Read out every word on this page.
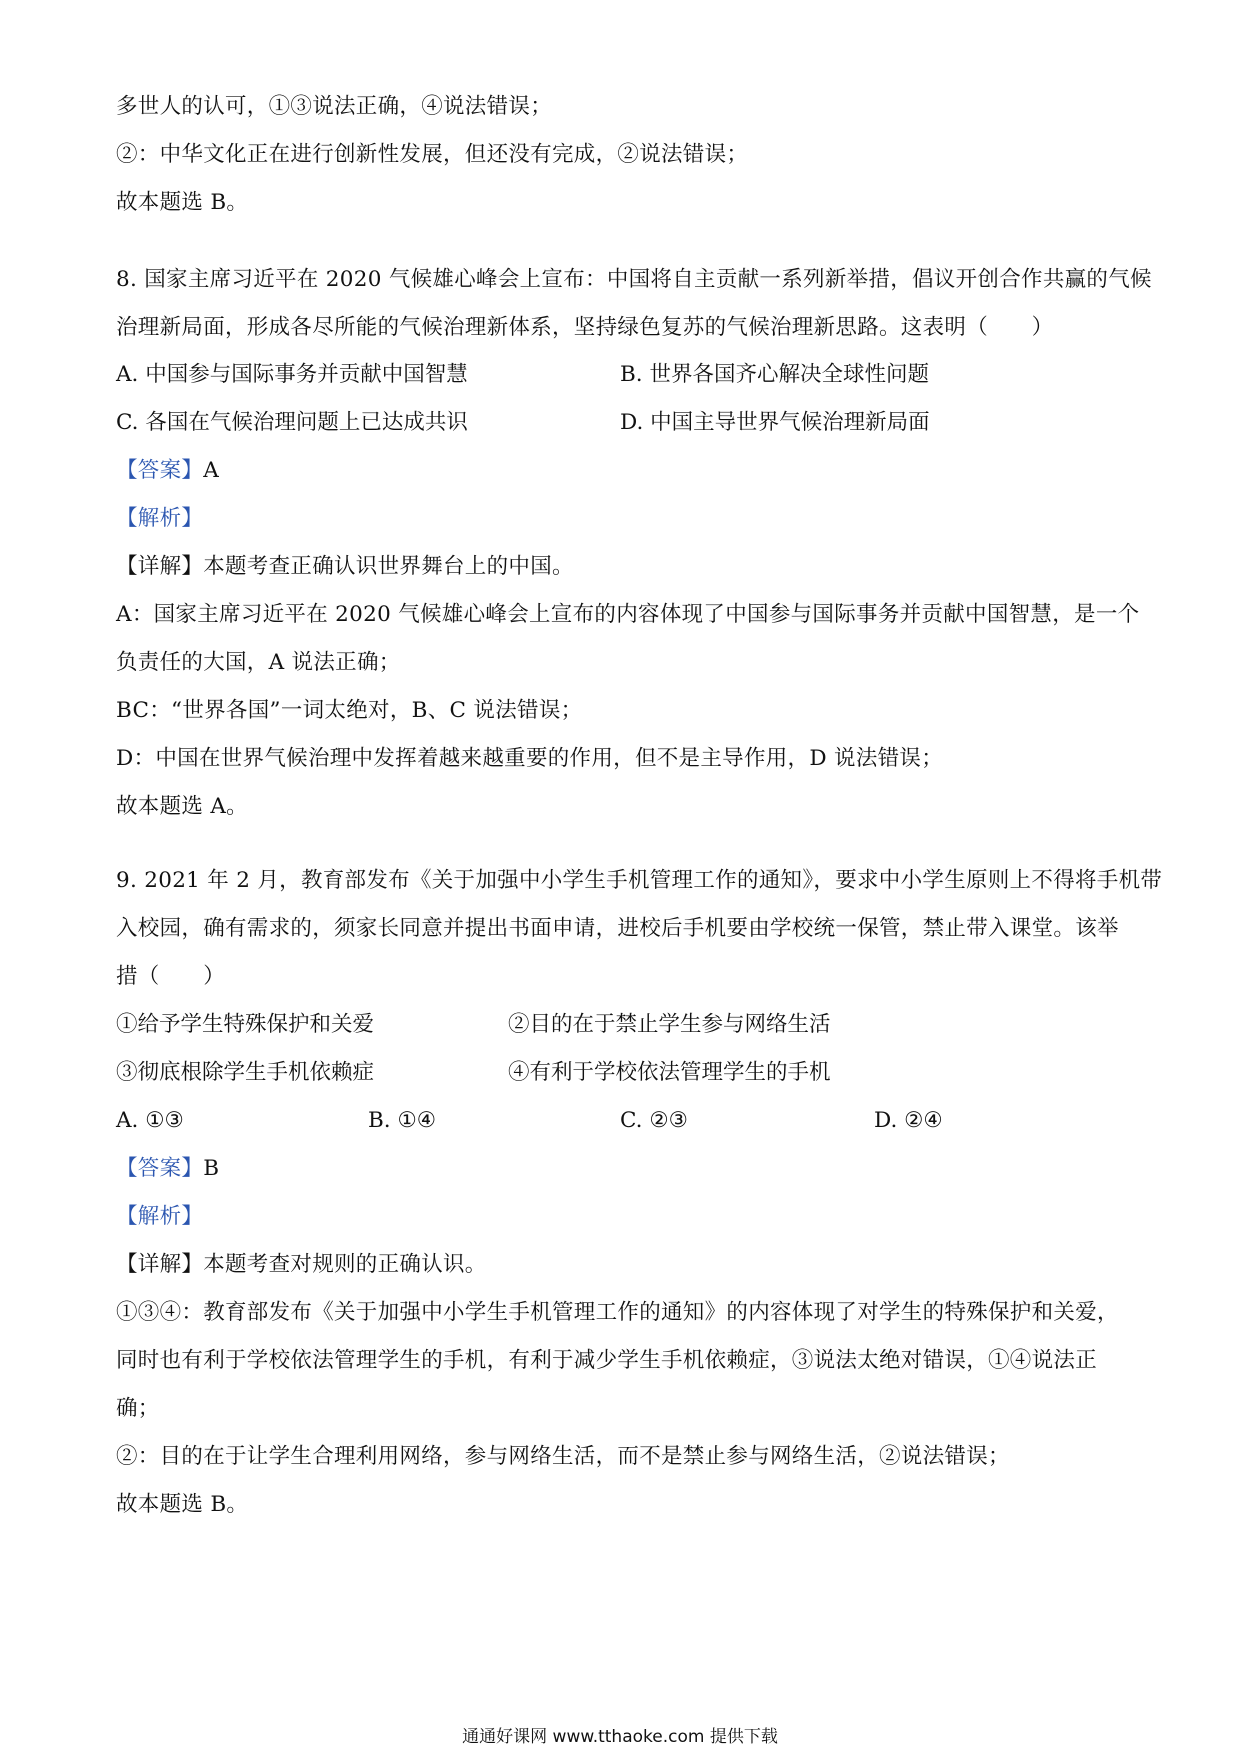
多世人的认可，①③说法正确，④说法错误；
②：中华文化正在进行创新性发展，但还没有完成，②说法错误；
故本题选 B。
8. 国家主席习近平在 2020 气候雄心峰会上宣布：中国将自主贡献一系列新举措，倡议开创合作共赢的气候
治理新局面，形成各尽所能的气候治理新体系，坚持绿色复苏的气候治理新思路。这表明（　　）
A. 中国参与国际事务并贡献中国智慧	B. 世界各国齐心解决全球性问题
C. 各国在气候治理问题上已达成共识	D. 中国主导世界气候治理新局面
【答案】A
【解析】
【详解】本题考查正确认识世界舞台上的中国。
A：国家主席习近平在 2020 气候雄心峰会上宣布的内容体现了中国参与国际事务并贡献中国智慧，是一个
负责任的大国，A 说法正确；
BC：“世界各国”一词太绝对，B、C 说法错误；
D：中国在世界气候治理中发挥着越来越重要的作用，但不是主导作用，D 说法错误；
故本题选 A。
9. 2021 年 2 月，教育部发布《关于加强中小学生手机管理工作的通知》，要求中小学生原则上不得将手机带
入校园，确有需求的，须家长同意并提出书面申请，进校后手机要由学校统一保管，禁止带入课堂。该举
措（　　）
①给予学生特殊保护和关爱	②目的在于禁止学生参与网络生活
③彻底根除学生手机依赖症	④有利于学校依法管理学生的手机
A. ①③	B. ①④	C. ②③	D. ②④
【答案】B
【解析】
【详解】本题考查对规则的正确认识。
①③④：教育部发布《关于加强中小学生手机管理工作的通知》的内容体现了对学生的特殊保护和关爱，
同时也有利于学校依法管理学生的手机，有利于减少学生手机依赖症，③说法太绝对错误，①④说法正
确；
②：目的在于让学生合理利用网络，参与网络生活，而不是禁止参与网络生活，②说法错误；
故本题选 B。
通通好课网 www.tthaoke.com 提供下载
